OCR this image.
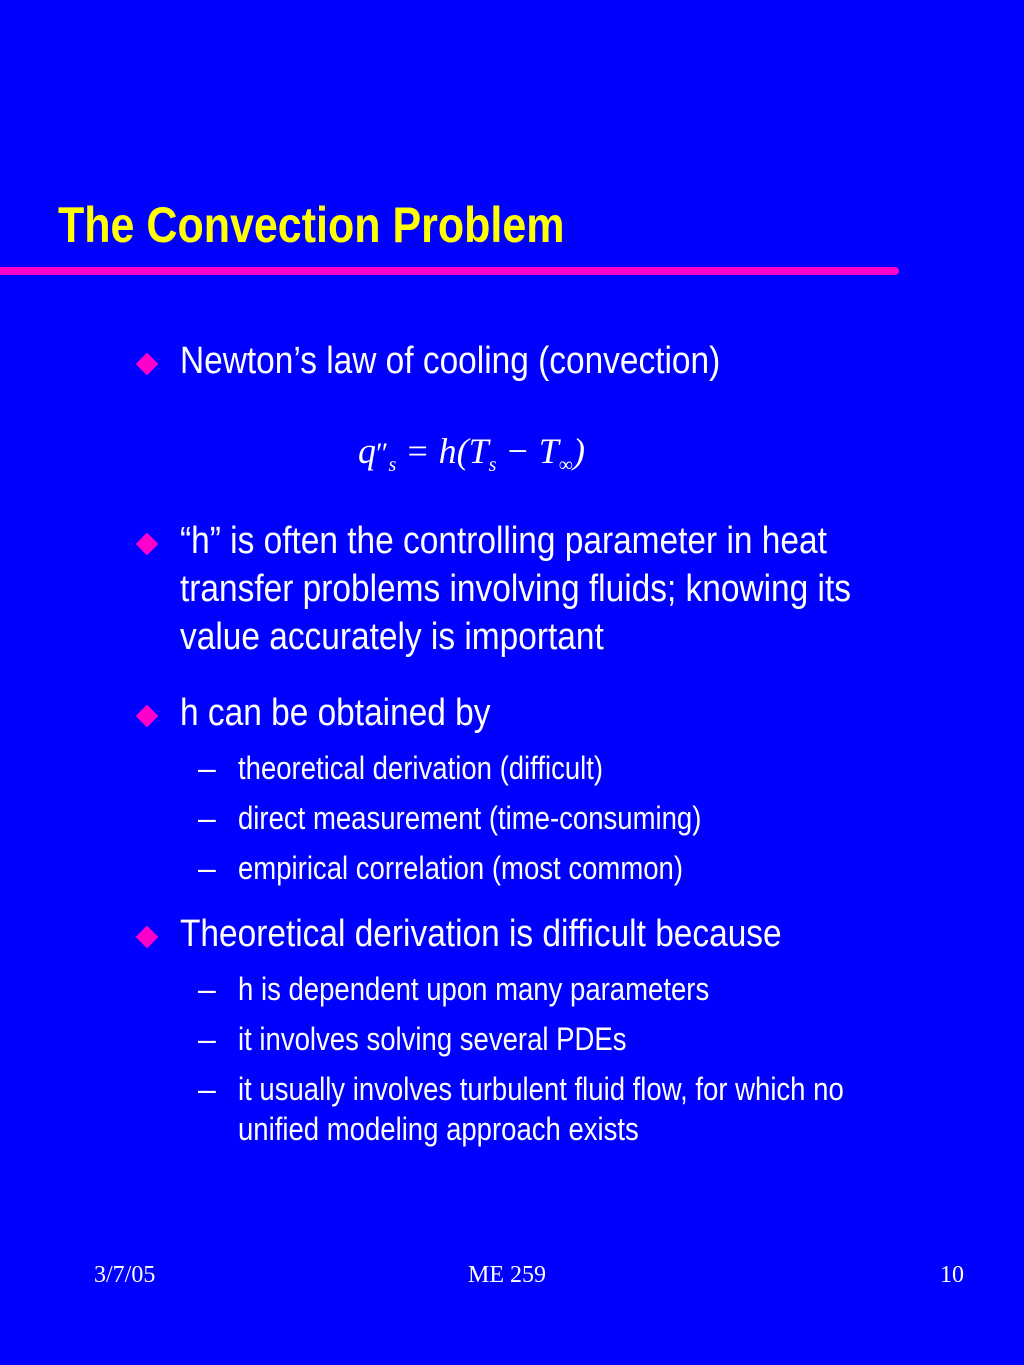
The Convection Problem
Newton’s law of cooling (convection)
$q''_s = h(T_s - T_\infty)$
“h” is often the controlling parameter in heat transfer problems involving fluids; knowing its value accurately is important
h can be obtained by
– theoretical derivation (difficult)
– direct measurement (time-consuming)
– empirical correlation (most common)
Theoretical derivation is difficult because
– h is dependent upon many parameters
– it involves solving several PDEs
– it usually involves turbulent fluid flow, for which no unified modeling approach exists
3/7/05	ME 259	10
